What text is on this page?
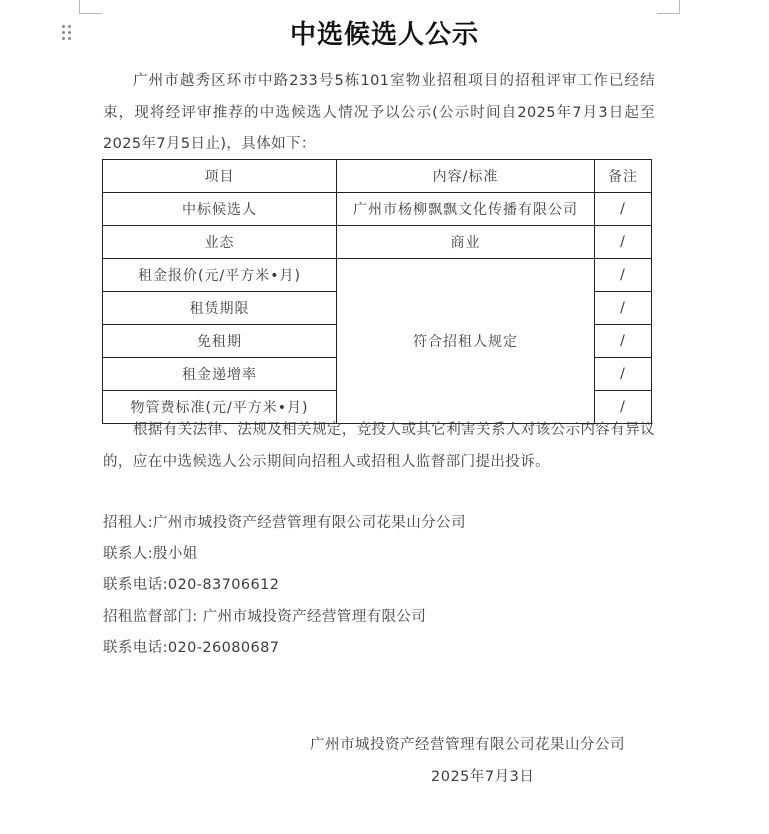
中选候选人公示

广州市越秀区环市中路233号5栋101室物业招租项目的招租评审工作已经结束，现将经评审推荐的中选候选人情况予以公示(公示时间自2025年7月3日起至 2025年7月5日止)，具体如下：

项目	内容/标准	备注
中标候选人	广州市杨柳飘飘文化传播有限公司	/
业态	商业	/
租金报价(元/平方米•月)	符合招租人规定	/
租赁期限		/
免租期		/
租金递增率		/
物管费标准(元/平方米•月)		/

根据有关法律、法规及相关规定，竞投人或其它利害关系人对该公示内容有异议的，应在中选候选人公示期间向招租人或招租人监督部门提出投诉。

招租人:广州市城投资产经营管理有限公司花果山分公司

联系人:殷小姐

联系电话:020-83706612

招租监督部门: 广州市城投资产经营管理有限公司

联系电话:020-26080687

广州市城投资产经营管理有限公司花果山分公司

2025年7月3日
